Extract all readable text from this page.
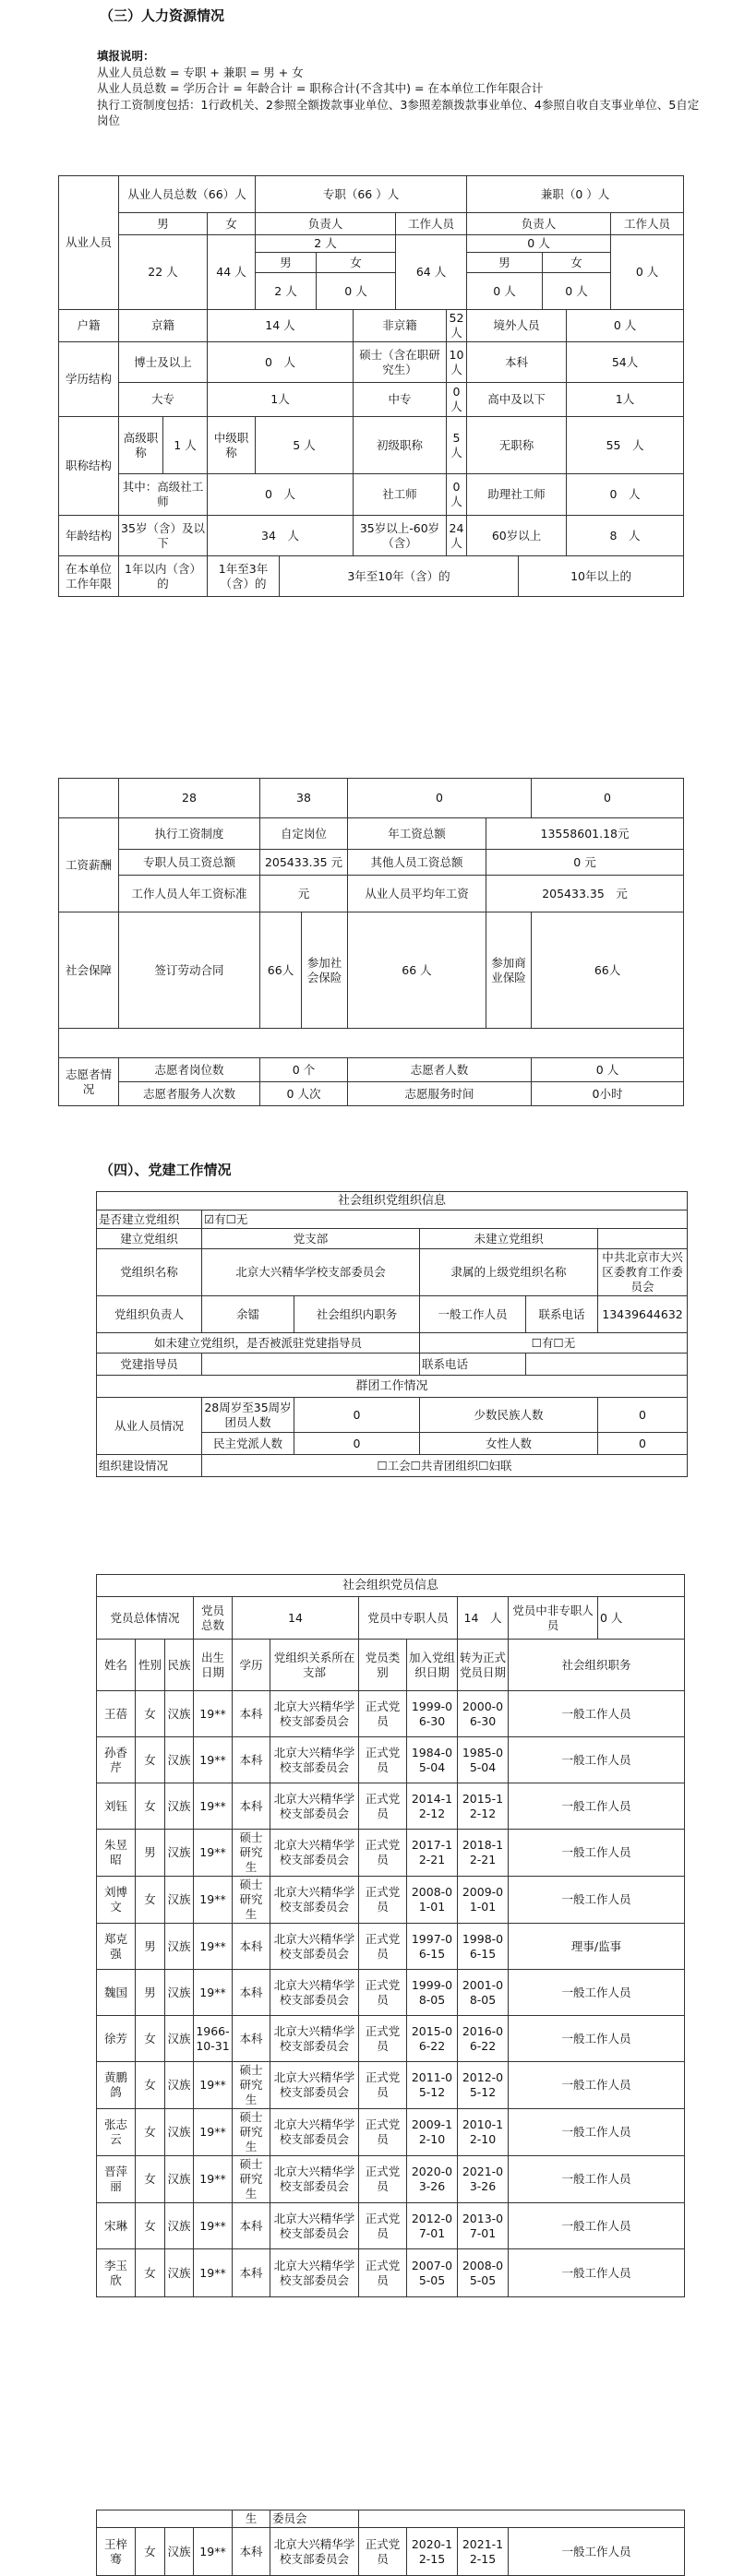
（三）人力资源情况
填报说明：
从业人员总数 = 专职 + 兼职 = 男 + 女
从业人员总数 = 学历合计 = 年龄合计 = 职称合计(不含其中) = 在本单位工作年限合计
执行工资制度包括：1行政机关、2参照全额拨款事业单位、3参照差额拨款事业单位、4参照自收自支事业单位、5自定岗位
从业人员	从业人员总数（66）人			专职（66 ）人						兼职（0 ）人				
	男		女	负责人				工作人员		负责人				工作人员
	22 人		44 人	2 人				64 人		0 人				0 人
				男		女				男		女		
				2 人		0 人				0 人		0 人		
户籍	京籍		14 人				非京籍		52 人	境外人员			0 人	
学历结构	博士及以上		0　人				硕士（含在职研究生）		10 人	本科			54人	
	大专		1人				中专		0 人	高中及以下			1人	
职称结构	高级职称	1 人	中级职称	5 人			初级职称		5 人	无职称			55　人	
	其中：高级社工师		0　人				社工师		0 人	助理社工师			0　人	
年龄结构	35岁（含）及以下		34　人				35岁以上-60岁（含）		24 人	60岁以上			8　人	
在本单位工作年限	1年以内（含）的		1年至3年（含）的		3年至10年（含）的						10年以上的			
	28	38		0		0
工资薪酬	执行工资制度	自定岗位		年工资总额	13558601.18元	
	专职人员工资总额	205433.35 元		其他人员工资总额	0 元	
	工作人员人年工资标准	元		从业人员平均年工资	205433.35　元	
社会保障	签订劳动合同	66人	参加社会保险	66 人	参加商业保险	66人

志愿者情况	志愿者岗位数	0 个		志愿者人数		0 人
	志愿者服务人次数	0 人次		志愿服务时间		0小时
（四）、党建工作情况
社会组织党组织信息					
是否建立党组织	☑有☐无				
建立党组织	党支部		未建立党组织		
党组织名称	北京大兴精华学校支部委员会		隶属的上级党组织名称		中共北京市大兴区委教育工作委员会
党组织负责人	余镭	社会组织内职务	一般工作人员	联系电话	13439644632
如未建立党组织，是否被派驻党建指导员			☐有☐无		
党建指导员			联系电话		
群团工作情况					
从业人员情况	28周岁至35周岁团员人数	0	少数民族人数		0
	民主党派人数	0	女性人数		0
组织建设情况	☐工会☐共青团组织☐妇联				
社会组织党员信息										
党员总体情况			党员总数	14		党员中专职人员		14　人	党员中非专职人员	0 人
姓名	性别	民族	出生日期	学历	党组织关系所在支部	党员类别	加入党组织日期	转为正式党员日期	社会组织职务	
王蓓	女	汉族	19**	本科	北京大兴精华学校支部委员会	正式党员	1999-06-30	2000-06-30	一般工作人员	
孙香芹	女	汉族	19**	本科	北京大兴精华学校支部委员会	正式党员	1984-05-04	1985-05-04	一般工作人员	
刘钰	女	汉族	19**	本科	北京大兴精华学校支部委员会	正式党员	2014-12-12	2015-12-12	一般工作人员	
朱昱昭	男	汉族	19**	硕士研究生	北京大兴精华学校支部委员会	正式党员	2017-12-21	2018-12-21	一般工作人员	
刘博文	女	汉族	19**	硕士研究生	北京大兴精华学校支部委员会	正式党员	2008-01-01	2009-01-01	一般工作人员	
郑克强	男	汉族	19**	本科	北京大兴精华学校支部委员会	正式党员	1997-06-15	1998-06-15	理事/监事	
魏国	男	汉族	19**	本科	北京大兴精华学校支部委员会	正式党员	1999-08-05	2001-08-05	一般工作人员	
徐芳	女	汉族	1966-10-31	本科	北京大兴精华学校支部委员会	正式党员	2015-06-22	2016-06-22	一般工作人员	
黄鹏鸽	女	汉族	19**	硕士研究生	北京大兴精华学校支部委员会	正式党员	2011-05-12	2012-05-12	一般工作人员	
张志云	女	汉族	19**	硕士研究生	北京大兴精华学校支部委员会	正式党员	2009-12-10	2010-12-10	一般工作人员	
晋萍丽	女	汉族	19**	硕士研究生	北京大兴精华学校支部委员会	正式党员	2020-03-26	2021-03-26	一般工作人员	
宋琳	女	汉族	19**	本科	北京大兴精华学校支部委员会	正式党员	2012-07-01	2013-07-01	一般工作人员	
李玉欣	女	汉族	19**	本科	北京大兴精华学校支部委员会	正式党员	2007-05-05	2008-05-05	一般工作人员	
				生	委员会				
王梓骞	女	汉族	19**	本科	北京大兴精华学校支部委员会	正式党员	2020-12-15	2021-12-15	一般工作人员
